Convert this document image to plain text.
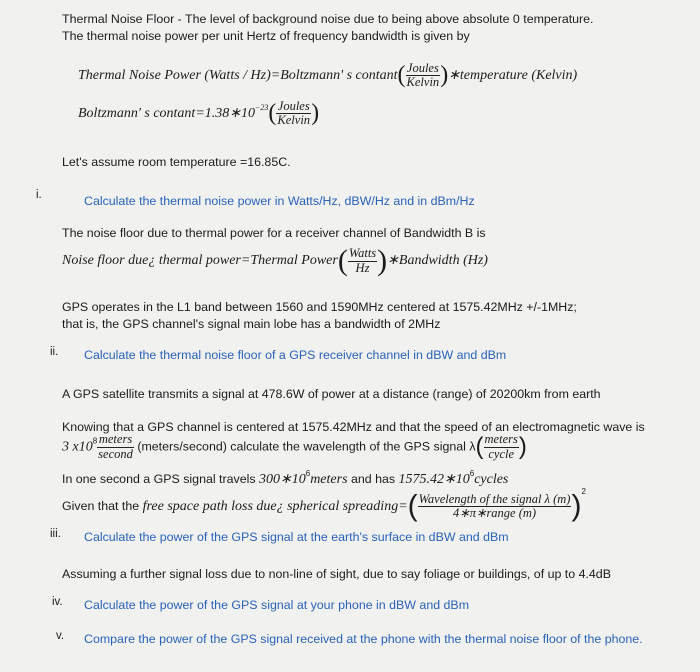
Thermal Noise Floor - The level of background noise due to being above absolute 0 temperature.
The thermal noise power per unit Hertz of frequency bandwidth is given by
Thermal Noise Power (Watts / Hz)=Boltzmann' s $contant( \frac{\text{Joules}}{\text{Kelvin}}$ )∗temperature (Kelvin)
Boltzmann' s $contant=1.38∗10^{-23}( \frac{\text{Joules}}{\text{Kelvin}}$ )
Let's assume room temperature =16.85C.
i.	Calculate the thermal noise power in Watts/Hz, dBW/Hz and in dBm/Hz
The noise floor due to thermal power for a receiver channel of Bandwidth B is
Noise floor due¿ thermal power=Thermal Power( $\frac{\text{Watts}}{Hz}$ )∗Bandwidth (Hz)
GPS operates in the L1 band between 1560 and 1590MHz centered at 1575.42MHz +/-1MHz;
that is, the GPS channel's signal main lobe has a bandwidth of 2MHz
ii. Calculate the thermal noise floor of a GPS receiver channel in dBW and dBm
A GPS satellite transmits a signal at 478.6W of power at a distance (range) of 20200km from earth
Knowing that a GPS channel is centered at 1575.42MHz and that the speed of an electromagnetic wave is
3 $x10^8 \frac{\text{meters}}{\text{second}}$ (meters/second) calculate the wavelength of the GPS signal $\lambda( \frac{\text{meters}}{\text{cycle}}$ )
In one second a GPS signal travels $300∗10^6meters$ and has $1575.42∗10^6cycles$
Given that the free space path loss due¿ spherical spreading=( $\frac{\text{Wavelength of the signal λ (m)}}{\text{4∗π∗range (m)}} )^2$
iii. Calculate the power of the GPS signal at the earth's surface in dBW and dBm
Assuming a further signal loss due to non-line of sight, due to say foliage or buildings, of up to 4.4dB
iv. Calculate the power of the GPS signal at your phone in dBW and dBm
v. Compare the power of the GPS signal received at the phone with the thermal noise floor of the phone.
